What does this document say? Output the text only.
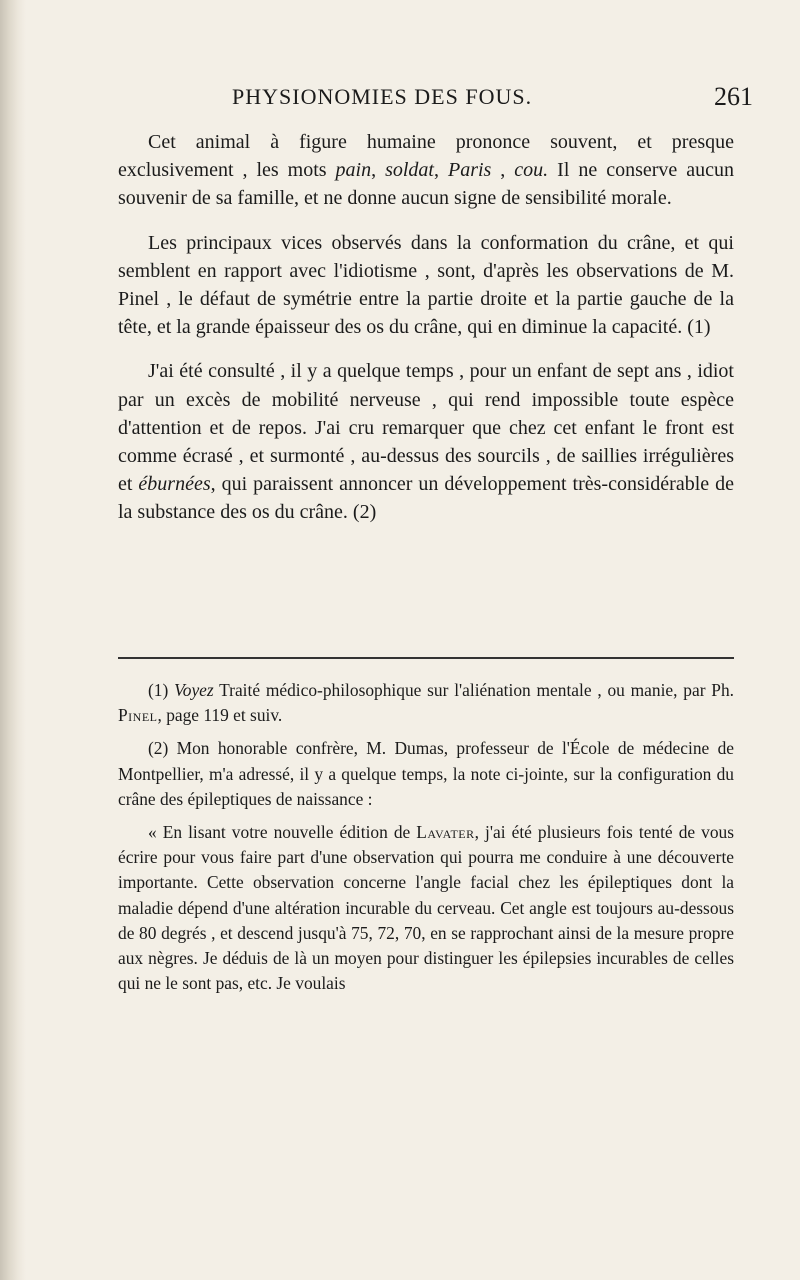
PHYSIONOMIES DES FOUS.	261

Cet animal à figure humaine prononce souvent, et presque exclusivement , les mots pain, soldat, Paris , cou. Il ne conserve aucun souvenir de sa famille, et ne donne aucun signe de sensibilité morale.

Les principaux vices observés dans la conformation du crâne, et qui semblent en rapport avec l'idiotisme , sont, d'après les observations de M. Pinel , le défaut de symétrie entre la partie droite et la partie gauche de la tête, et la grande épaisseur des os du crâne, qui en diminue la capacité. (1)

J'ai été consulté , il y a quelque temps , pour un enfant de sept ans , idiot par un excès de mobilité nerveuse , qui rend impossible toute espèce d'attention et de repos. J'ai cru remarquer que chez cet enfant le front est comme écrasé , et surmonté , au-dessus des sourcils , de saillies irrégulières et éburnées, qui paraissent annoncer un développement très-considérable de la substance des os du crâne. (2)

(1) Voyez Traité médico-philosophique sur l'aliénation mentale , ou manie, par Ph. Pinel, page 119 et suiv.

(2) Mon honorable confrère, M. Dumas, professeur de l'École de médecine de Montpellier, m'a adressé, il y a quelque temps, la note ci-jointe, sur la configuration du crâne des épileptiques de naissance :

« En lisant votre nouvelle édition de Lavater, j'ai été plusieurs fois tenté de vous écrire pour vous faire part d'une observation qui pourra me conduire à une découverte importante. Cette observation concerne l'angle facial chez les épileptiques dont la maladie dépend d'une altération incurable du cerveau. Cet angle est toujours au-dessous de 80 degrés , et descend jusqu'à 75, 72, 70, en se rapprochant ainsi de la mesure propre aux nègres. Je déduis de là un moyen pour distinguer les épilepsies incurables de celles qui ne le sont pas, etc. Je voulais
